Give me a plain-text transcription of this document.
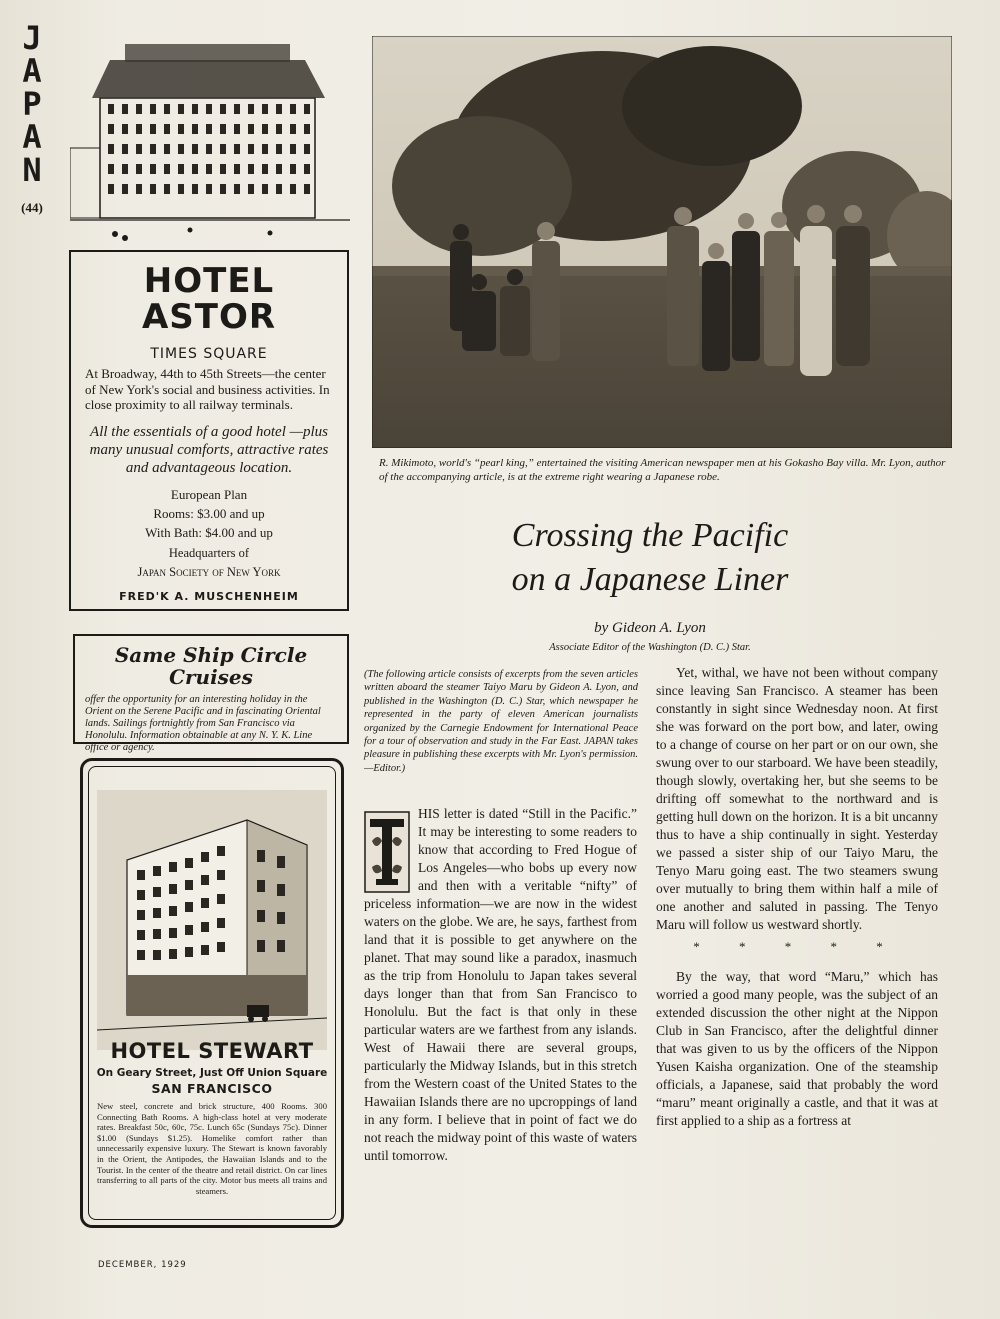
J
A
P
A
N
(44)
HOTEL
ASTOR
TIMES SQUARE
At Broadway, 44th to 45th Streets—the center of New York's social and business activities. In close proximity to all railway terminals.
All the essentials of a good hotel —plus many unusual comforts, attractive rates and advantageous location.
European Plan
Rooms: $3.00 and up
With Bath: $4.00 and up
Headquarters of
Japan Society of New York
FRED'K A. MUSCHENHEIM
Same Ship Circle Cruises
offer the opportunity for an interesting holiday in the Orient on the Serene Pacific and in fascinating Oriental lands. Sailings fortnightly from San Francisco via Honolulu. Information obtainable at any N. Y. K. Line office or agency.
HOTEL STEWART
On Geary Street, Just Off Union Square
SAN FRANCISCO
New steel, concrete and brick structure, 400 Rooms. 300 Connecting Bath Rooms. A high-class hotel at very moderate rates. Breakfast 50c, 60c, 75c. Lunch 65c (Sundays 75c). Dinner $1.00 (Sundays $1.25). Homelike comfort rather than unnecessarily expensive luxury. The Stewart is known favorably in the Orient, the Antipodes, the Hawaiian Islands and to the Tourist. In the center of the theatre and retail district. On car lines transferring to all parts of the city. Motor bus meets all trains and steamers.
DECEMBER, 1929
R. Mikimoto, world's “pearl king,” entertained the visiting American newspaper men at his Gokasho Bay villa. Mr. Lyon, author of the accompanying article, is at the extreme right wearing a Japanese robe.
Crossing the Pacific
on a Japanese Liner
by Gideon A. Lyon
Associate Editor of the Washington (D. C.) Star.
(The following article consists of excerpts from the seven articles written aboard the steamer Taiyo Maru by Gideon A. Lyon, and published in the Washington (D. C.) Star, which newspaper he represented in the party of eleven American journalists organized by the Carnegie Endowment for International Peace for a tour of observation and study in the Far East. JAPAN takes pleasure in publishing these excerpts with Mr. Lyon's permission.—Editor.)

HIS letter is dated “Still in the Pacific.” It may be interesting to some readers to know that according to Fred Hogue of Los Angeles—who bobs up every now and then with a veritable “nifty” of priceless information—we are now in the widest waters on the globe. We are, he says, farthest from land that it is possible to get anywhere on the planet. That may sound like a paradox, inasmuch as the trip from Honolulu to Japan takes several days longer than that from San Francisco to Honolulu. But the fact is that only in these particular waters are we farthest from any islands. West of Hawaii there are several groups, particularly the Midway Islands, but in this stretch from the Western coast of the United States to the Hawaiian Islands there are no upcroppings of land in any form. I believe that in point of fact we do not reach the midway point of this waste of waters until tomorrow.

Yet, withal, we have not been without company since leaving San Francisco. A steamer has been constantly in sight since Wednesday noon. At first she was forward on the port bow, and later, owing to a change of course on her part or on our own, she swung over to our starboard. We have been steadily, though slowly, overtaking her, but she seems to be drifting off somewhat to the northward and is getting hull down on the horizon. It is a bit uncanny thus to have a ship continually in sight. Yesterday we passed a sister ship of our Taiyo Maru, the Tenyo Maru going east. The two steamers swung over mutually to bring them within half a mile of one another and saluted in passing. The Tenyo Maru will follow us westward shortly.

* * * * *

By the way, that word “Maru,” which has worried a good many people, was the subject of an extended discussion the other night at the Nippon Club in San Francisco, after the delightful dinner that was given to us by the officers of the Nippon Yusen Kaisha organization. One of the steamship officials, a Japanese, said that probably the word “maru” meant originally a castle, and that it was at first applied to a ship as a fortress at
